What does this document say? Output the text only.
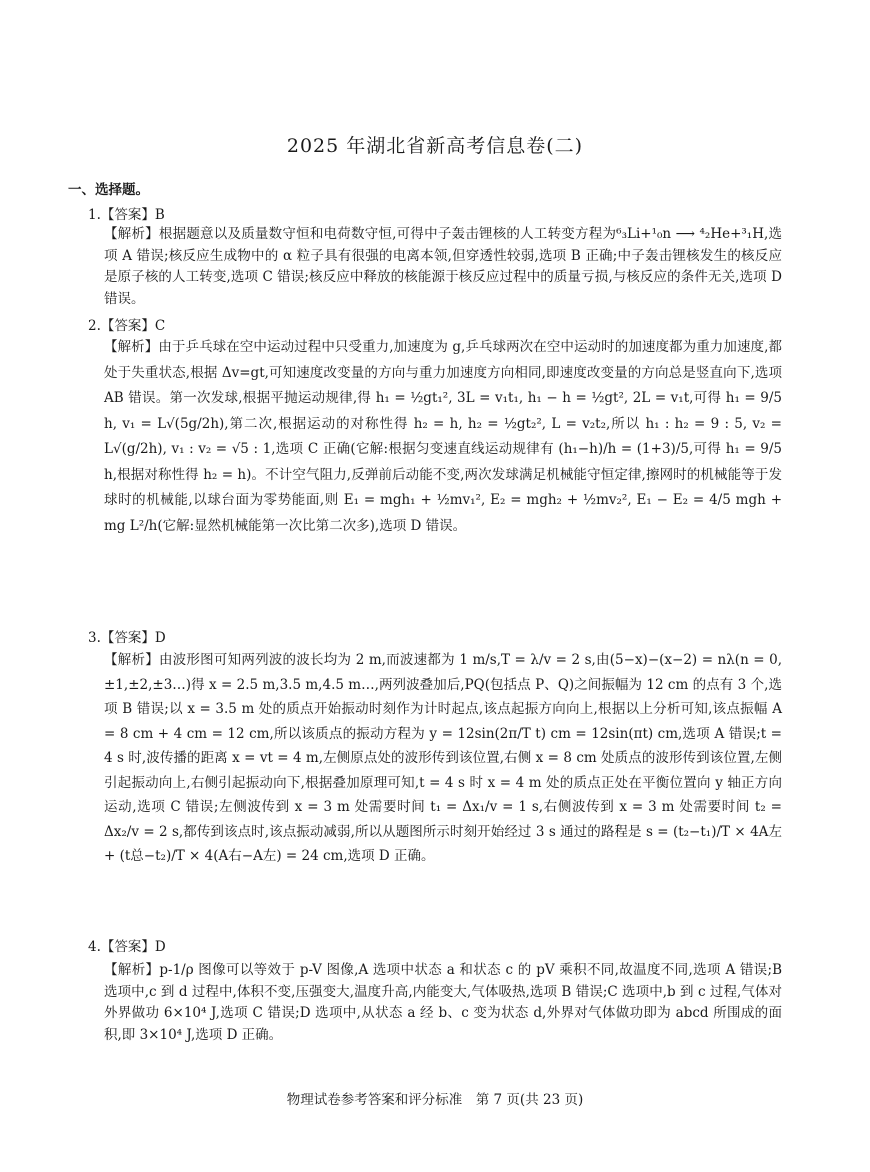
2025 年湖北省新高考信息卷(二)
一、选择题。
1.【答案】B
【解析】根据题意以及质量数守恒和电荷数守恒,可得中子轰击锂核的人工转变方程为⁶₃Li+¹₀n ⟶ ⁴₂He+³₁H,选项 A 错误;核反应生成物中的 α 粒子具有很强的电离本领,但穿透性较弱,选项 B 正确;中子轰击锂核发生的核反应是原子核的人工转变,选项 C 错误;核反应中释放的核能源于核反应过程中的质量亏损,与核反应的条件无关,选项 D 错误。
2.【答案】C
【解析】由于乒乓球在空中运动过程中只受重力,加速度为 g,乒乓球两次在空中运动时的加速度都为重力加速度,都处于失重状态,根据 Δv=gt,可知速度改变量的方向与重力加速度方向相同,即速度改变量的方向总是竖直向下,选项 AB 错误。第一次发球,根据平抛运动规律,得 h₁ = ½gt₁², 3L = v₁t₁, h₁ − h = ½gt², 2L = v₁t,可得 h₁ = 9/5 h, v₁ = L√(5g/2h),第二次,根据运动的对称性得 h₂ = h, h₂ = ½gt₂², L = v₂t₂,所以 h₁ : h₂ = 9 : 5, v₂ = L√(g/2h), v₁ : v₂ = √5 : 1,选项 C 正确(它解:根据匀变速直线运动规律有 (h₁−h)/h = (1+3)/5,可得 h₁ = 9/5 h,根据对称性得 h₂ = h)。不计空气阻力,反弹前后动能不变,两次发球满足机械能守恒定律,擦网时的机械能等于发球时的机械能,以球台面为零势能面,则 E₁ = mgh₁ + ½mv₁², E₂ = mgh₂ + ½mv₂², E₁ − E₂ = 4/5 mgh + mg L²/h(它解:显然机械能第一次比第二次多),选项 D 错误。
3.【答案】D
【解析】由波形图可知两列波的波长均为 2 m,而波速都为 1 m/s,T = λ/v = 2 s,由(5−x)−(x−2) = nλ(n = 0,±1,±2,±3…)得 x = 2.5 m,3.5 m,4.5 m…,两列波叠加后,PQ(包括点 P、Q)之间振幅为 12 cm 的点有 3 个,选项 B 错误;以 x = 3.5 m 处的质点开始振动时刻作为计时起点,该点起振方向向上,根据以上分析可知,该点振幅 A = 8 cm + 4 cm = 12 cm,所以该质点的振动方程为 y = 12sin(2π/T t) cm = 12sin(πt) cm,选项 A 错误;t = 4 s 时,波传播的距离 x = vt = 4 m,左侧原点处的波形传到该位置,右侧 x = 8 cm 处质点的波形传到该位置,左侧引起振动向上,右侧引起振动向下,根据叠加原理可知,t = 4 s 时 x = 4 m 处的质点正处在平衡位置向 y 轴正方向运动,选项 C 错误;左侧波传到 x = 3 m 处需要时间 t₁ = Δx₁/v = 1 s,右侧波传到 x = 3 m 处需要时间 t₂ = Δx₂/v = 2 s,都传到该点时,该点振动减弱,所以从题图所示时刻开始经过 3 s 通过的路程是 s = (t₂−t₁)/T × 4A左 + (t总−t₂)/T × 4(A右−A左) = 24 cm,选项 D 正确。
4.【答案】D
【解析】p-1/ρ 图像可以等效于 p-V 图像,A 选项中状态 a 和状态 c 的 pV 乘积不同,故温度不同,选项 A 错误;B 选项中,c 到 d 过程中,体积不变,压强变大,温度升高,内能变大,气体吸热,选项 B 错误;C 选项中,b 到 c 过程,气体对外界做功 6×10⁴ J,选项 C 错误;D 选项中,从状态 a 经 b、c 变为状态 d,外界对气体做功即为 abcd 所围成的面积,即 3×10⁴ J,选项 D 正确。
物理试卷参考答案和评分标准　第 7 页(共 23 页)
